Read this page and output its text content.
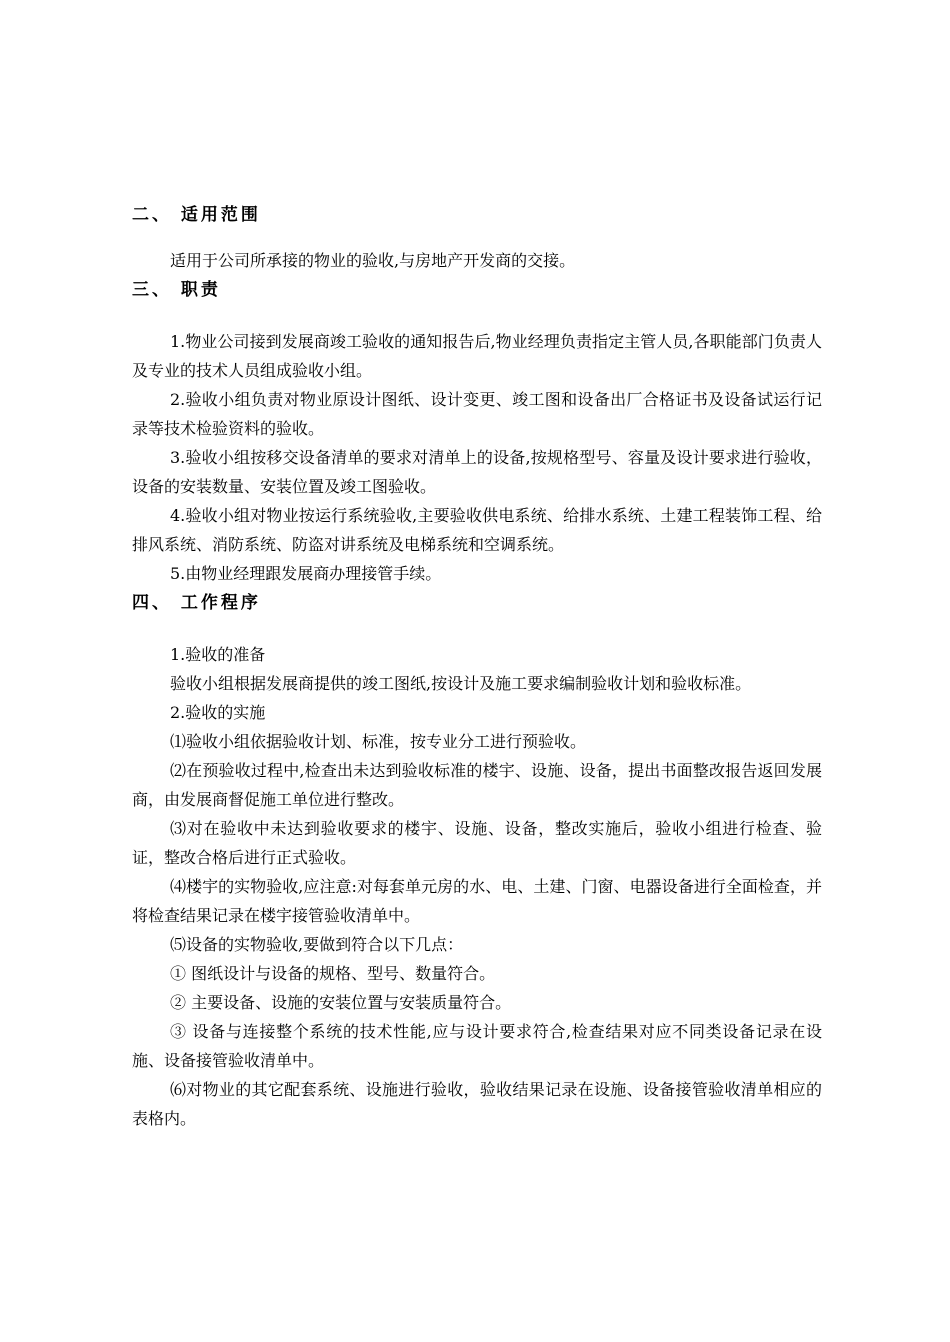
二、 适用范围

适用于公司所承接的物业的验收,与房地产开发商的交接。

三、 职责

1.物业公司接到发展商竣工验收的通知报告后,物业经理负责指定主管人员,各职能部门负责人及专业的技术人员组成验收小组。

2.验收小组负责对物业原设计图纸、设计变更、竣工图和设备出厂合格证书及设备试运行记录等技术检验资料的验收。

3.验收小组按移交设备清单的要求对清单上的设备,按规格型号、容量及设计要求进行验收，设备的安装数量、安装位置及竣工图验收。

4.验收小组对物业按运行系统验收,主要验收供电系统、给排水系统、土建工程装饰工程、给排风系统、消防系统、防盗对讲系统及电梯系统和空调系统。

5.由物业经理跟发展商办理接管手续。

四、 工作程序

1.验收的准备

验收小组根据发展商提供的竣工图纸,按设计及施工要求编制验收计划和验收标准。

2.验收的实施

⑴验收小组依据验收计划、标准，按专业分工进行预验收。

⑵在预验收过程中,检查出未达到验收标准的楼宇、设施、设备，提出书面整改报告返回发展商，由发展商督促施工单位进行整改。

⑶对在验收中未达到验收要求的楼宇、设施、设备，整改实施后，验收小组进行检查、验证，整改合格后进行正式验收。

⑷楼宇的实物验收,应注意:对每套单元房的水、电、土建、门窗、电器设备进行全面检查，并将检查结果记录在楼宇接管验收清单中。

⑸设备的实物验收,要做到符合以下几点：

① 图纸设计与设备的规格、型号、数量符合。

② 主要设备、设施的安装位置与安装质量符合。

③ 设备与连接整个系统的技术性能,应与设计要求符合,检查结果对应不同类设备记录在设施、设备接管验收清单中。

⑹对物业的其它配套系统、设施进行验收，验收结果记录在设施、设备接管验收清单相应的表格内。
